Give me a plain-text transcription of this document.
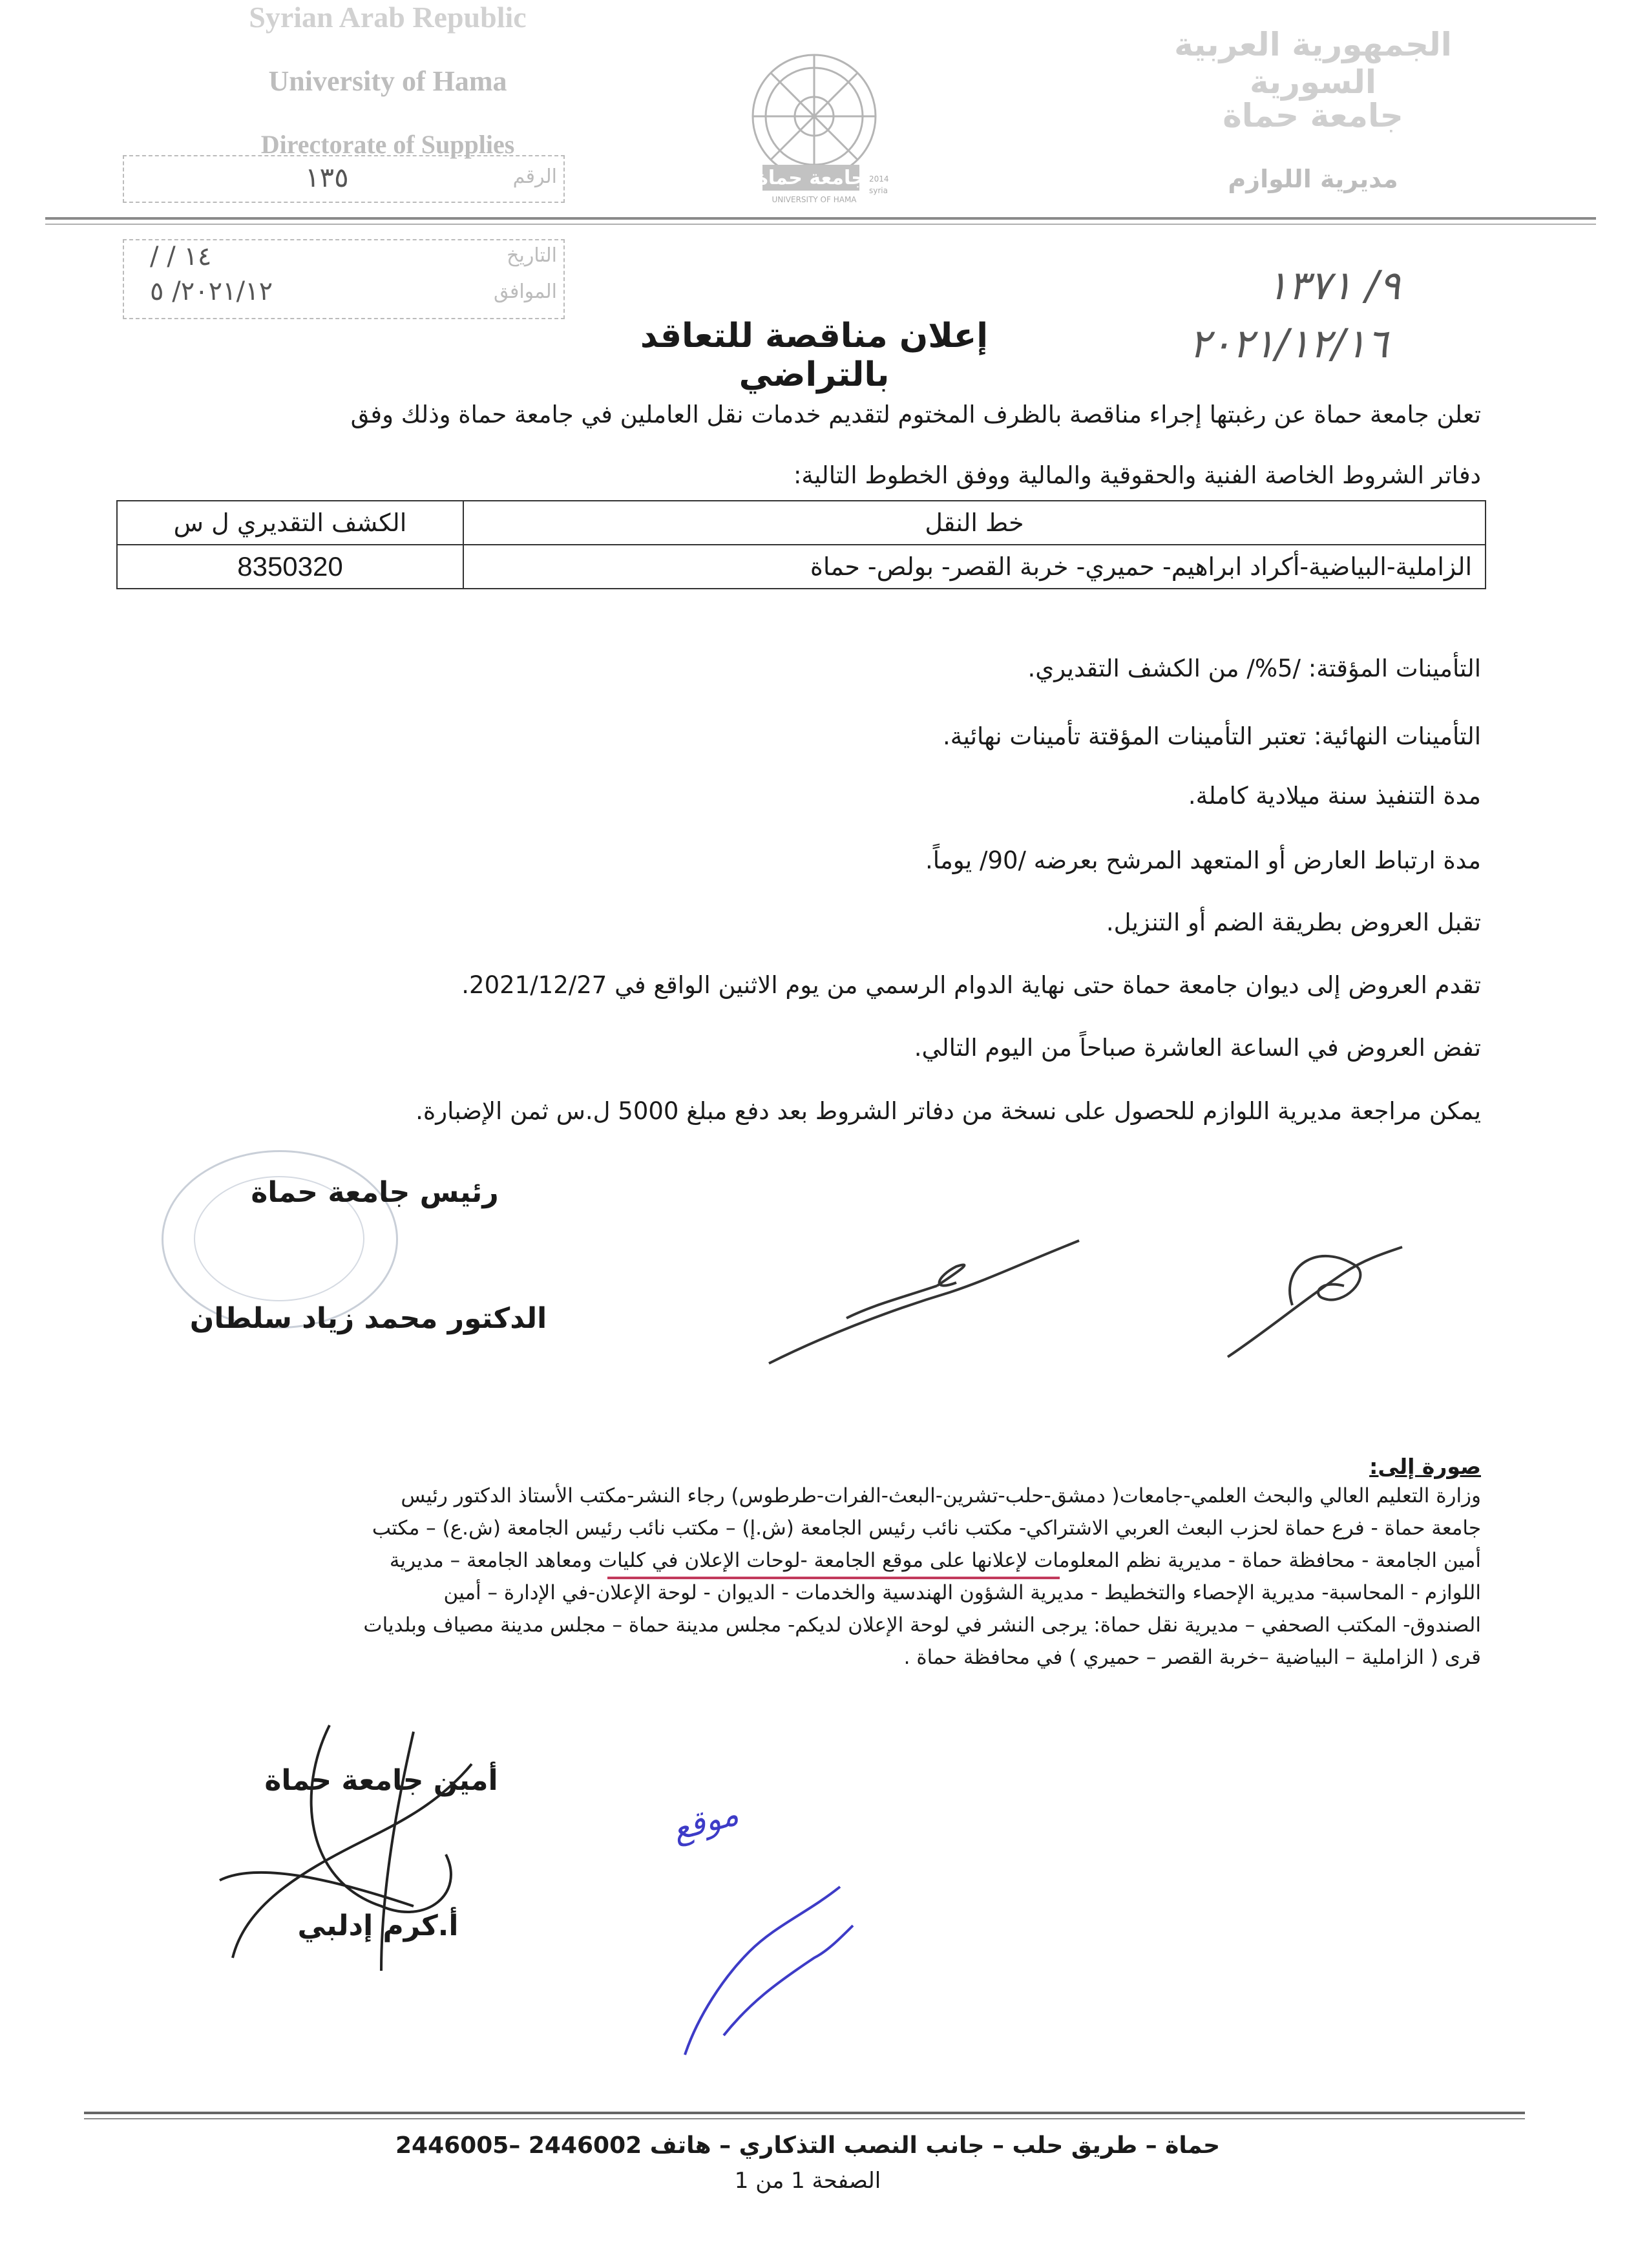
Syrian Arab Republic
University of Hama
Directorate of Supplies
الجمهورية العربية السورية
جامعة حماة
مديرية اللوازم
جامعة حماة
UNIVERSITY OF HAMA
2014
syria
الرقم
١٣٥
التاريخ
/ / ١٤
الموافق
٢٠٢١/١٢/ ٥	٩/ ١٣٧١
٢٠٢١/١٢/١٦
إعلان مناقصة للتعاقد بالتراضي
تعلن جامعة حماة عن رغبتها إجراء مناقصة بالظرف المختوم لتقديم خدمات نقل العاملين في جامعة حماة وذلك وفق
دفاتر الشروط الخاصة الفنية والحقوقية والمالية ووفق الخطوط التالية:
خط النقل	الكشف التقديري ل س
الزاملية-البياضية-أكراد ابراهيم- حميري- خربة القصر- بولص- حماة	8350320
التأمينات المؤقتة: /5%/ من الكشف التقديري.
التأمينات النهائية: تعتبر التأمينات المؤقتة تأمينات نهائية.
مدة التنفيذ سنة ميلادية كاملة.
مدة ارتباط العارض أو المتعهد المرشح بعرضه /90/ يوماً.
تقبل العروض بطريقة الضم أو التنزيل.
تقدم العروض إلى ديوان جامعة حماة حتى نهاية الدوام الرسمي من يوم الاثنين الواقع في 2021/12/27.
تفض العروض في الساعة العاشرة صباحاً من اليوم التالي.
يمكن مراجعة مديرية اللوازم للحصول على نسخة من دفاتر الشروط بعد دفع مبلغ 5000 ل.س ثمن الإضبارة.
رئيس جامعة حماة
الدكتور محمد زياد سلطان
صورة إلى:
وزارة التعليم العالي والبحث العلمي-جامعات( دمشق-حلب-تشرين-البعث-الفرات-طرطوس) رجاء النشر-مكتب الأستاذ الدكتور رئيس
جامعة حماة - فرع حماة لحزب البعث العربي الاشتراكي- مكتب نائب رئيس الجامعة (ش.إ) – مكتب نائب رئيس الجامعة (ش.ع) – مكتب
أمين الجامعة - محافظة حماة - مديرية نظم المعلومات لإعلانها على موقع الجامعة -لوحات الإعلان في كليات ومعاهد الجامعة – مديرية
اللوازم - المحاسبة- مديرية الإحصاء والتخطيط - مديرية الشؤون الهندسية والخدمات - الديوان - لوحة الإعلان-في الإدارة – أمين
الصندوق- المكتب الصحفي – مديرية نقل حماة: يرجى النشر في لوحة الإعلان لديكم- مجلس مدينة حماة – مجلس مدينة مصياف وبلديات
قرى ( الزاملية – البياضية –خربة القصر – حميري ) في محافظة حماة .
أمين جامعة حماة
أ.كرم إدلبي
موقع
حماة – طريق حلب – جانب النصب التذكاري – هاتف 2446002 –2446005
الصفحة 1 من 1
